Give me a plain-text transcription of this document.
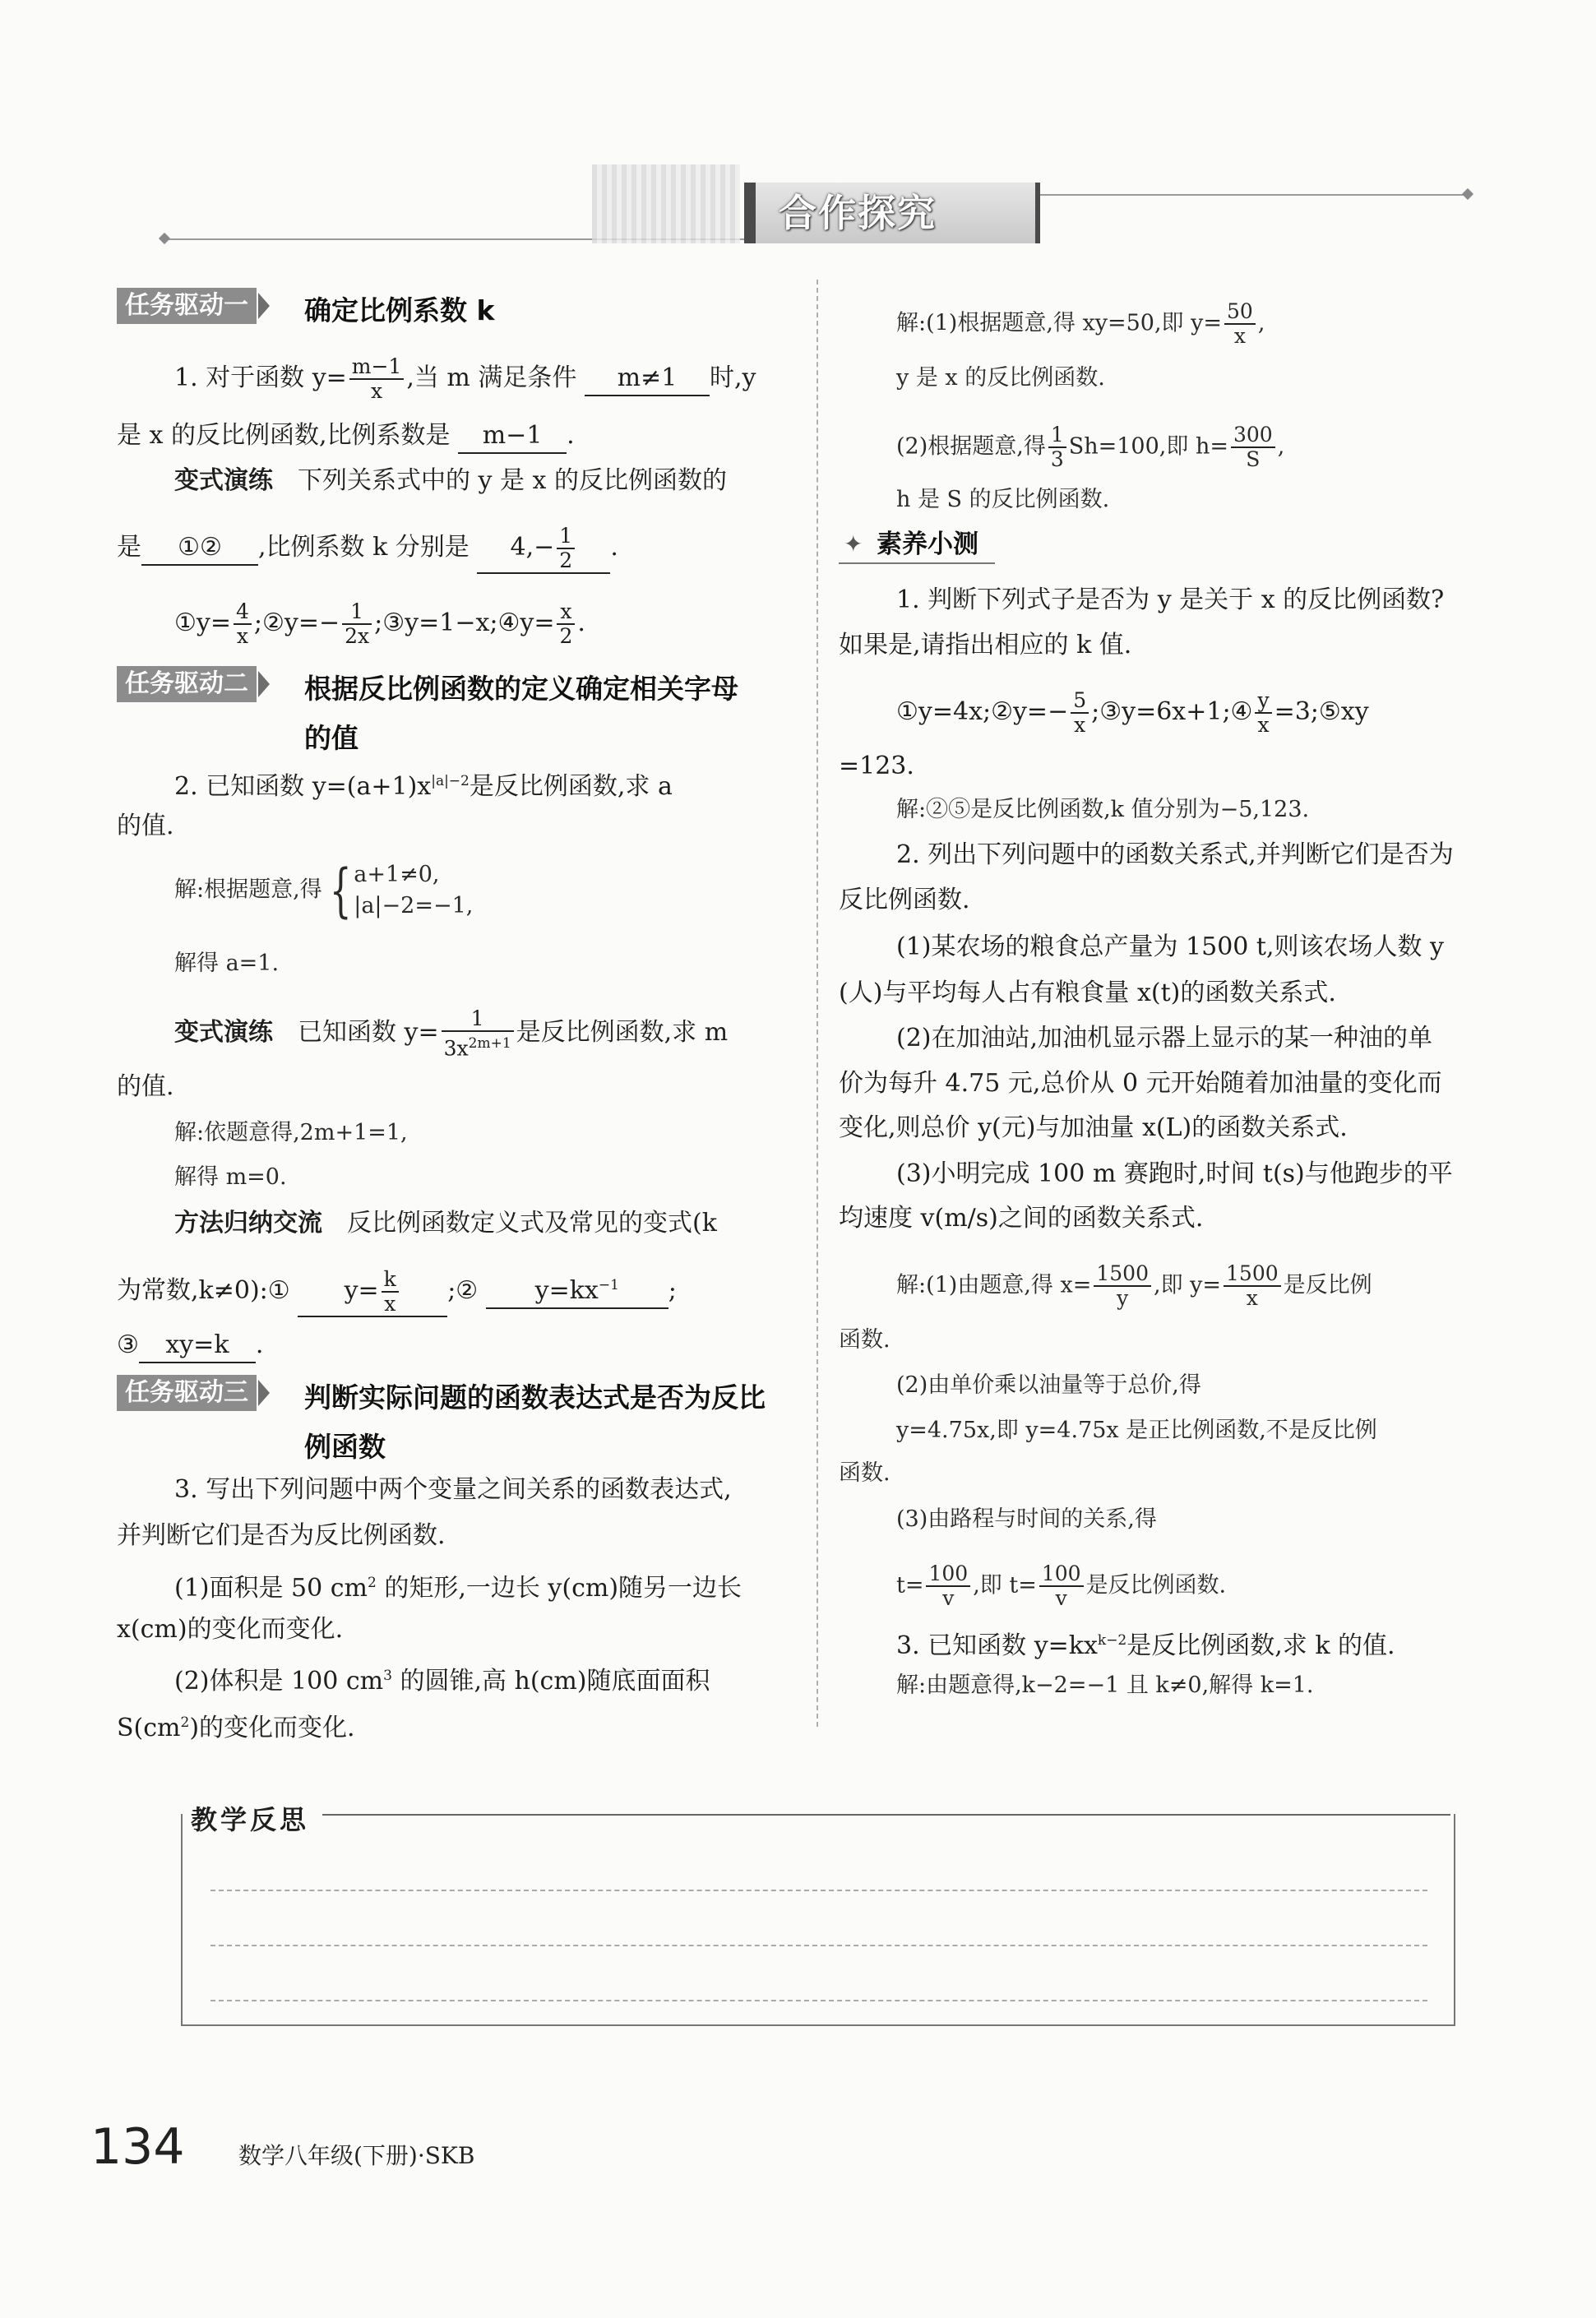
合作探究
任务驱动一	确定比例系数 k
1. 对于函数 $y= \frac{m-1}{x}$ ,当 m 满足条件 m≠1 时,y
是 x 的反比例函数,比例系数是 m−1 .
变式演练　 下列关系式中的 y 是 x 的反比例函数的
是 ①② ,比例系数 k 分别是 $4,- \frac{1}{2}$ .
①y= $\frac{4}{x}$ ;②y=− $\frac{1}{2x}$ ;③y=1−x;④y= $\frac{x}{2}$ .
任务驱动二	根据反比例函数的定义确定相关字母
的值
2. 已知函数 $y=(a+1)x^{|a|-2}$是反比例函数,求 a
的值.
解:根据题意,得 { a+1≠0,
|a|−2=−1,
解得 a=1.
变式演练　 已知函数 $y= \frac{1}{3x^{2m+1}}$ 是反比例函数,求 m
的值.
解:依题意得,2m+1=1,
解得 m=0.
方法归纳交流　 反比例函数定义式及常见的变式(k
为常数,k≠0):① $y= \frac{k}{x}$ ;② $y=kx^{-1}$ ;
③ xy=k .
任务驱动三	判断实际问题的函数表达式是否为反比
例函数
3. 写出下列问题中两个变量之间关系的函数表达式,
并判断它们是否为反比例函数.
(1)面积是 50 $cm^2$ 的矩形,一边长 y(cm)随另一边长
x(cm)的变化而变化.
(2)体积是 100 $cm^3$ 的圆锥,高 h(cm)随底面面积
$S(cm^2)$的变化而变化.
解:(1)根据题意,得 xy=50,即 $y= \frac{50}{x}$ ,
y 是 x 的反比例函数.
(2)根据题意,得 $\frac{1}{3} Sh=100$,即 $h= \frac{300}{S}$ ,
h 是 S 的反比例函数.
✦ 素养小测
1. 判断下列式子是否为 y 是关于 x 的反比例函数?
如果是,请指出相应的 k 值.
①y=4x;②y=− $\frac{5}{x}$ ;③y=6x+1;④ $\frac{y}{x}$ =3;⑤xy
=123.
解:②⑤是反比例函数,k 值分别为−5,123.
2. 列出下列问题中的函数关系式,并判断它们是否为
反比例函数.
(1)某农场的粮食总产量为 1500 t,则该农场人数 y
(人)与平均每人占有粮食量 x(t)的函数关系式.
(2)在加油站,加油机显示器上显示的某一种油的单
价为每升 4.75 元,总价从 0 元开始随着加油量的变化而
变化,则总价 y(元)与加油量 x(L)的函数关系式.
(3)小明完成 100 m 赛跑时,时间 t(s)与他跑步的平
均速度 v(m/s)之间的函数关系式.
解:(1)由题意,得 $x= \frac{1500}{y}$ ,即 $y= \frac{1500}{x}$ 是反比例
函数.
(2)由单价乘以油量等于总价,得
y=4.75x,即 y=4.75x 是正比例函数,不是反比例
函数.
(3)由路程与时间的关系,得
$t= \frac{100}{v}$ ,即 $t= \frac{100}{v}$ 是反比例函数.
3. 已知函数 $y=kx^{k-2}$是反比例函数,求 k 的值.
解:由题意得,k−2=−1 且 k≠0,解得 k=1.
教学反思
134 数学八年级(下册)·SKB
